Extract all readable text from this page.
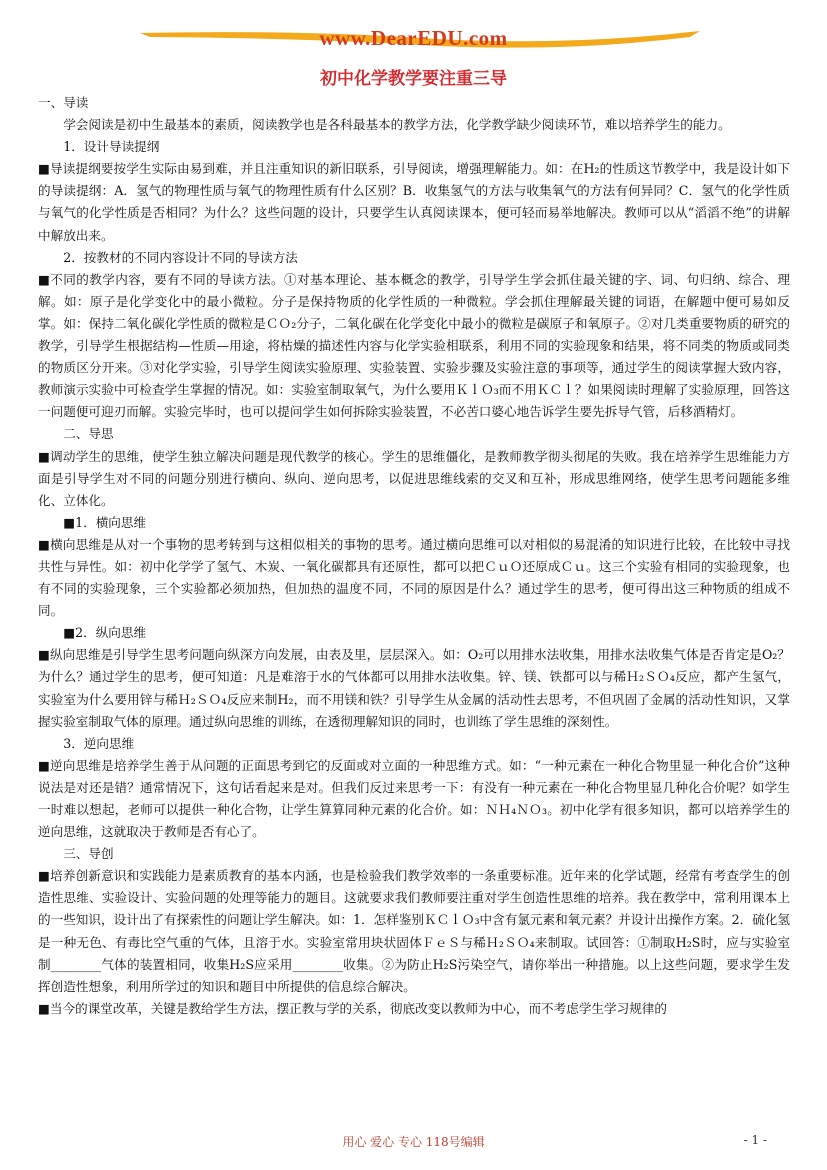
www.DearEDU.com
初中化学教学要注重三导

一、导读

　　学会阅读是初中生最基本的素质，阅读教学也是各科最基本的教学方法，化学教学缺少阅读环节，难以培养学生的能力。

　　1．设计导读提纲

■导读提纲要按学生实际由易到难，并且注重知识的新旧联系，引导阅读，增强理解能力。如：在H₂的性质这节教学中，我是设计如下的导读提纲：A．氢气的物理性质与氧气的物理性质有什么区别？B．收集氢气的方法与收集氧气的方法有何异同？C．氢气的化学性质与氧气的化学性质是否相同？为什么？这些问题的设计，只要学生认真阅读课本，便可轻而易举地解决。教师可以从“滔滔不绝”的讲解中解放出来。

　　2．按教材的不同内容设计不同的导读方法

■不同的教学内容，要有不同的导读方法。①对基本理论、基本概念的教学，引导学生学会抓住最关键的字、词、句归纳、综合、理解。如：原子是化学变化中的最小微粒。分子是保持物质的化学性质的一种微粒。学会抓住理解最关键的词语，在解题中便可易如反掌。如：保持二氧化碳化学性质的微粒是ＣＯ₂分子，二氧化碳在化学变化中最小的微粒是碳原子和氧原子。②对几类重要物质的研究的教学，引导学生根据结构—性质—用途，将枯燥的描述性内容与化学实验相联系，利用不同的实验现象和结果，将不同类的物质或同类的物质区分开来。③对化学实验，引导学生阅读实验原理、实验装置、实验步骤及实验注意的事项等，通过学生的阅读掌握大致内容，教师演示实验中可检查学生掌握的情况。如：实验室制取氧气，为什么要用ＫｌＯ₃而不用ＫＣｌ？如果阅读时理解了实验原理，回答这一问题便可迎刃而解。实验完毕时，也可以提问学生如何拆除实验装置，不必苦口婆心地告诉学生要先拆导气管，后移酒精灯。

　　二、导思

■调动学生的思维，使学生独立解决问题是现代教学的核心。学生的思维僵化，是教师教学彻头彻尾的失败。我在培养学生思维能力方面是引导学生对不同的问题分别进行横向、纵向、逆向思考，以促进思维线索的交叉和互补，形成思维网络，使学生思考问题能多维化、立体化。

　　■1．横向思维

■横向思维是从对一个事物的思考转到与这相似相关的事物的思考。通过横向思维可以对相似的易混淆的知识进行比较，在比较中寻找共性与异性。如：初中化学学了氢气、木炭、一氧化碳都具有还原性，都可以把ＣｕＯ还原成Ｃｕ。这三个实验有相同的实验现象，也有不同的实验现象，三个实验都必须加热，但加热的温度不同，不同的原因是什么？通过学生的思考，便可得出这三种物质的组成不同。

　　■2．纵向思维

■纵向思维是引导学生思考问题向纵深方向发展，由表及里，层层深入。如：O₂可以用排水法收集，用排水法收集气体是否肯定是O₂？为什么？通过学生的思考，便可知道：凡是难溶于水的气体都可以用排水法收集。锌、镁、铁都可以与稀Ｈ₂ＳＯ₄反应，都产生氢气，实验室为什么要用锌与稀Ｈ₂ＳＯ₄反应来制H₂，而不用镁和铁？引导学生从金属的活动性去思考，不但巩固了金属的活动性知识，又掌握实验室制取气体的原理。通过纵向思维的训练，在透彻理解知识的同时，也训练了学生思维的深刻性。

　　3．逆向思维

■逆向思维是培养学生善于从问题的正面思考到它的反面或对立面的一种思维方式。如：“一种元素在一种化合物里显一种化合价”这种说法是对还是错？通常情况下，这句话看起来是对。但我们反过来思考一下：有没有一种元素在一种化合物里显几种化合价呢？如学生一时难以想起，老师可以提供一种化合物，让学生算算同种元素的化合价。如：ＮＨ₄ＮＯ₃。初中化学有很多知识，都可以培养学生的逆向思维，这就取决于教师是否有心了。

　　三、导创

■培养创新意识和实践能力是素质教育的基本内涵，也是检验我们教学效率的一条重要标准。近年来的化学试题，经常有考查学生的创造性思维、实验设计、实验问题的处理等能力的题目。这就要求我们教师要注重对学生创造性思维的培养。我在教学中，常利用课本上的一些知识，设计出了有探索性的问题让学生解决。如：1．怎样鉴别ＫＣｌＯ₃中含有氯元素和氧元素？并设计出操作方案。2．硫化氢是一种无色、有毒比空气重的气体，且溶于水。实验室常用块状固体ＦｅＳ与稀Ｈ₂ＳＯ₄来制取。试回答：①制取H₂S时，应与实验室制________气体的装置相同，收集H₂S应采用________收集。②为防止H₂S污染空气，请你举出一种措施。以上这些问题，要求学生发挥创造性想象，利用所学过的知识和题目中所提供的信息综合解决。

■当今的课堂改革，关键是教给学生方法，摆正教与学的关系，彻底改变以教师为中心，而不考虑学生学习规律的

用心 爱心 专心 118号编辑	- 1 -
